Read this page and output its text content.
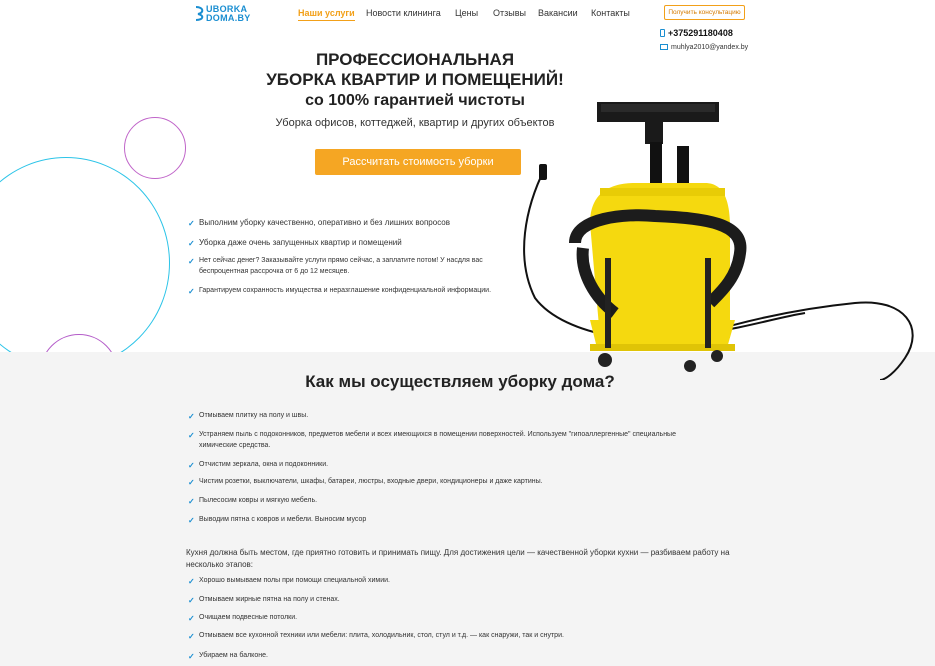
UBORKA
DOMA.BY	Наши услуги Новости клининга Цены Отзывы Вакансии Контакты	Получить консультацию
+375291180408
muhlya2010@yandex.by
ПРОФЕССИОНАЛЬНАЯ
УБОРКА КВАРТИР И ПОМЕЩЕНИЙ!
со 100% гарантией чистоты
Уборка офисов, коттеджей, квартир и других объектов
Рассчитать стоимость уборки
✓ Выполним уборку качественно, оперативно и без лишних вопросов
✓ Уборка даже очень запущенных квартир и помещений
✓ Нет сейчас денег? Заказывайте услуги прямо сейчас, а заплатите потом! У насдля вас беспроцентная рассрочка от 6 до 12 месяцев.
✓ Гарантируем сохранность имущества и неразглашение конфиденциальной информации.
Как мы осуществляем уборку дома?
✓ Отмываем плитку на полу и швы.
✓ Устраняем пыль с подоконников, предметов мебели и всех имеющихся в помещении поверхностей. Используем "гипоаллергенные" специальные химические средства.
✓ Отчистим зеркала, окна и подоконники.
✓ Чистим розетки, выключатели, шкафы, батареи, люстры, входные двери, кондиционеры и даже картины.
✓ Пылесосим ковры и мягкую мебель.
✓ Выводим пятна с ковров и мебели. Выносим мусор
Кухня должна быть местом, где приятно готовить и принимать пищу. Для достижения цели — качественной уборки кухни — разбиваем работу на несколько этапов:
✓ Хорошо вымываем полы при помощи специальной химии.
✓ Отмываем жирные пятна на полу и стенах.
✓ Очищаем подвесные потолки.
✓ Отмываем все кухонной техники или мебели: плита, холодильник, стол, стул и т.д. — как снаружи, так и снутри.
✓ Убираем на балконе.
